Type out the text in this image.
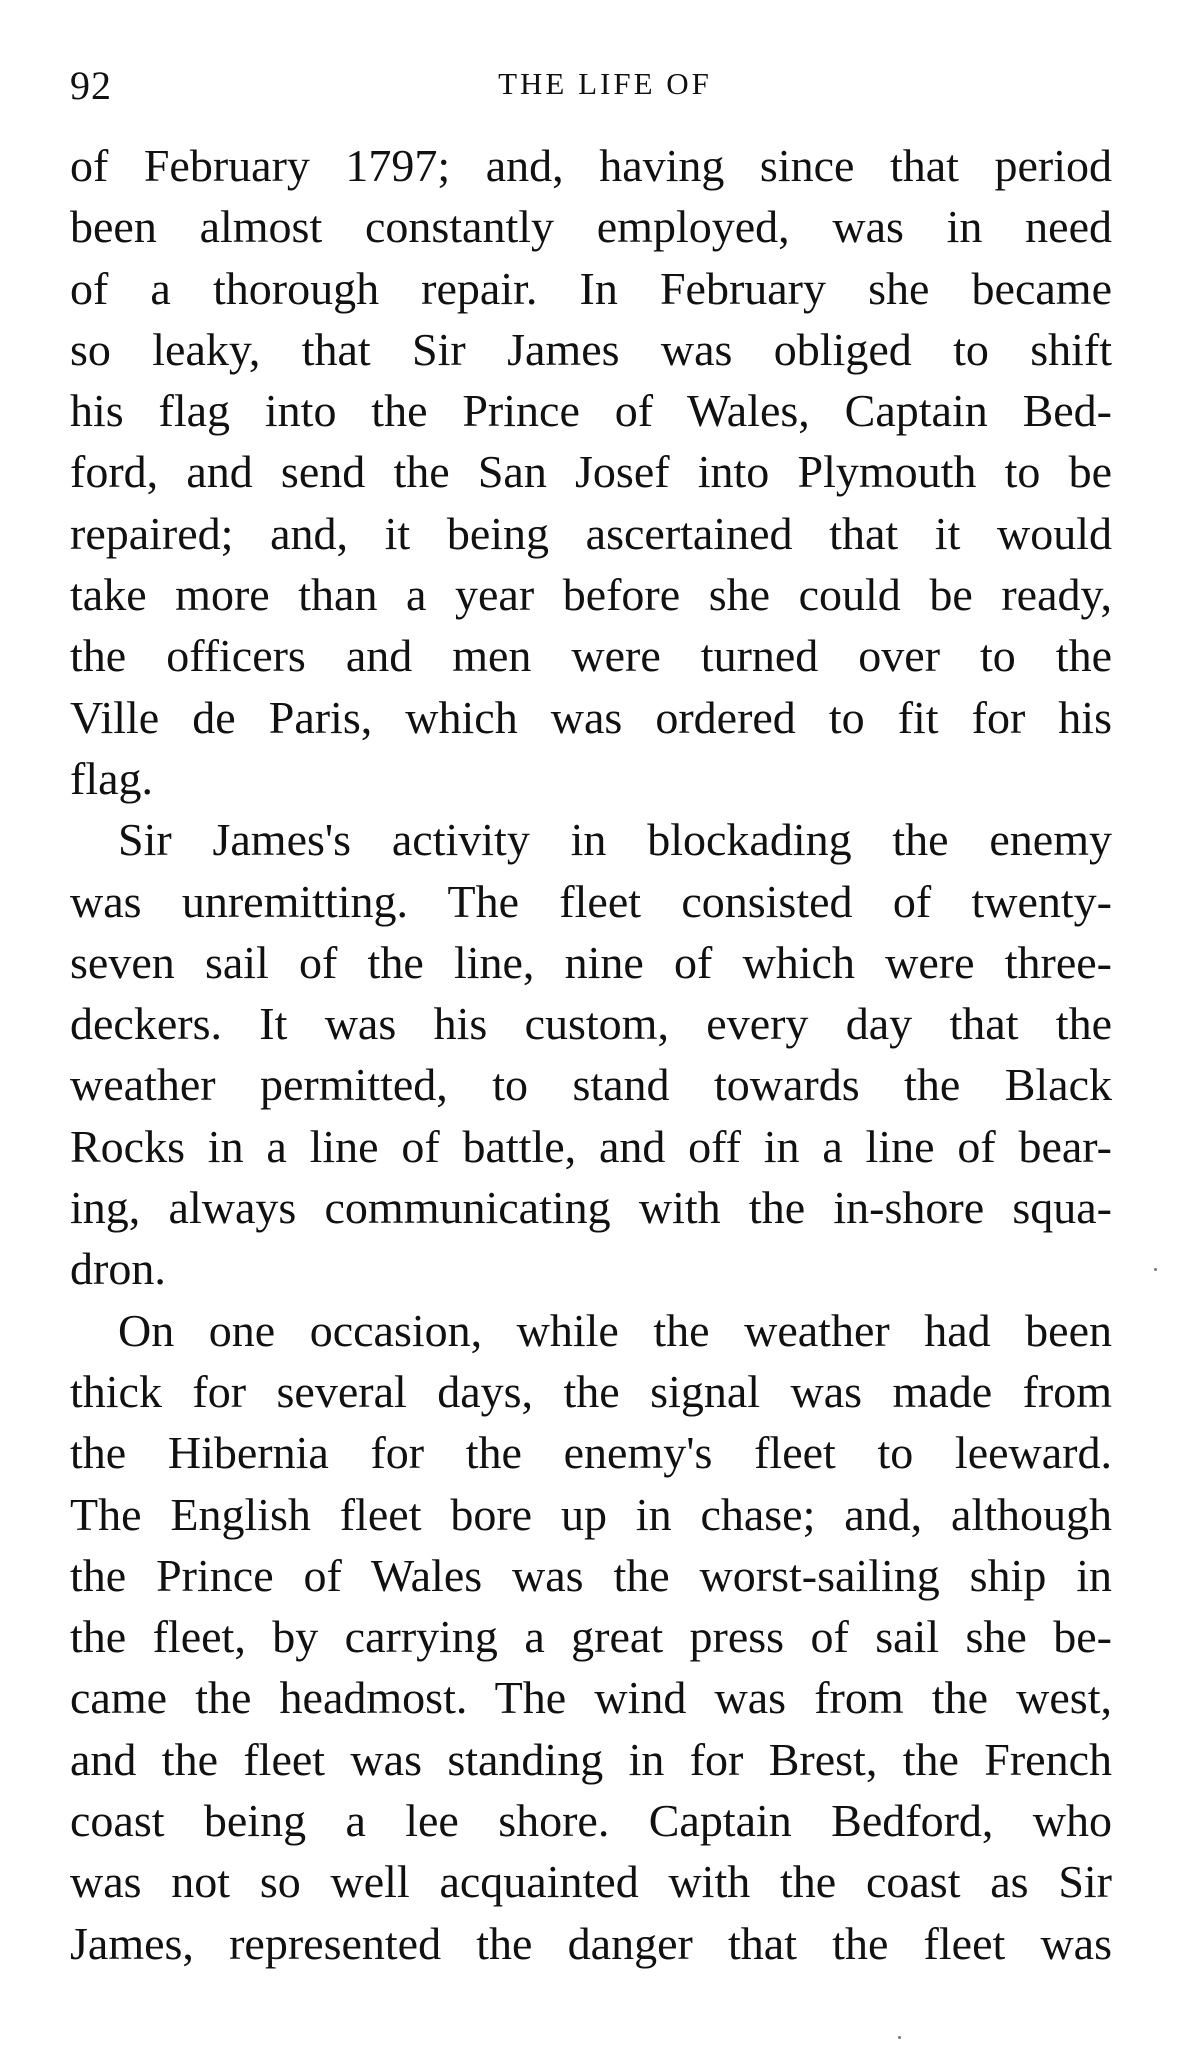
92	THE LIFE OF
of February 1797; and, having since that period
been almost constantly employed, was in need
of a thorough repair. In February she became
so leaky, that Sir James was obliged to shift
his flag into the Prince of Wales, Captain Bed-
ford, and send the San Josef into Plymouth to be
repaired; and, it being ascertained that it would
take more than a year before she could be ready,
the officers and men were turned over to the
Ville de Paris, which was ordered to fit for his
flag.
Sir James's activity in blockading the enemy
was unremitting. The fleet consisted of twenty-
seven sail of the line, nine of which were three-
deckers. It was his custom, every day that the
weather permitted, to stand towards the Black
Rocks in a line of battle, and off in a line of bear-
ing, always communicating with the in-shore squa-
dron.
On one occasion, while the weather had been
thick for several days, the signal was made from
the Hibernia for the enemy's fleet to leeward.
The English fleet bore up in chase; and, although
the Prince of Wales was the worst-sailing ship in
the fleet, by carrying a great press of sail she be-
came the headmost. The wind was from the west,
and the fleet was standing in for Brest, the French
coast being a lee shore. Captain Bedford, who
was not so well acquainted with the coast as Sir
James, represented the danger that the fleet was
